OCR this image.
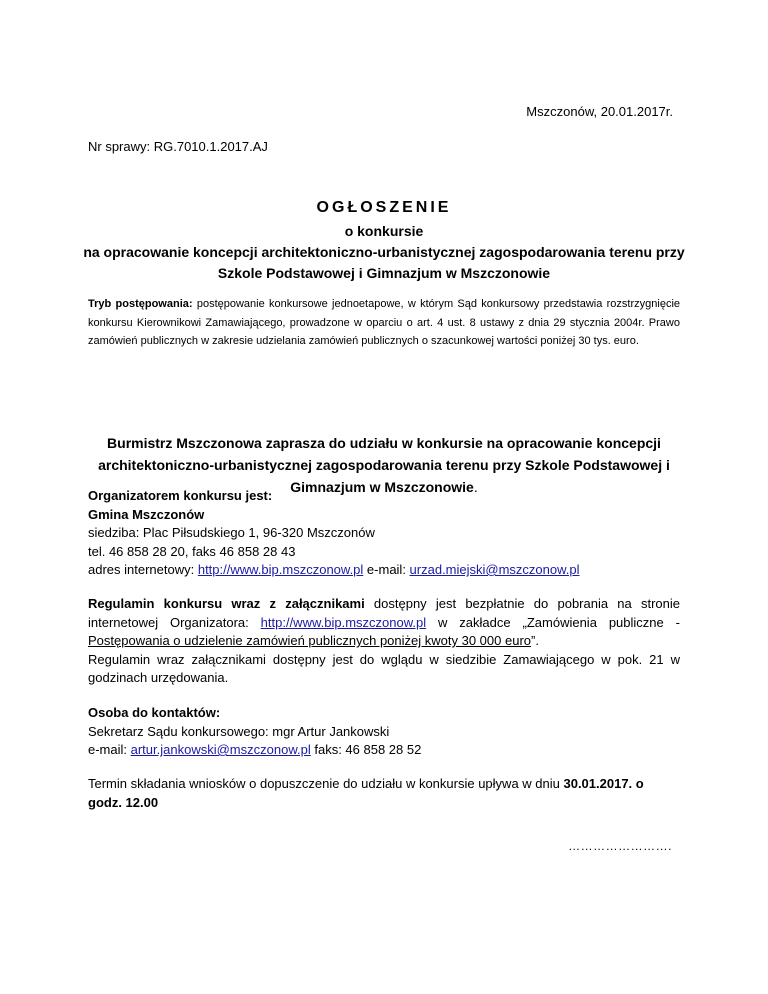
Mszczonów, 20.01.2017r.
Nr sprawy: RG.7010.1.2017.AJ
OGŁOSZENIE
o konkursie
na opracowanie koncepcji architektoniczno-urbanistycznej zagospodarowania terenu przy
Szkole Podstawowej i Gimnazjum w Mszczonowie

Tryb postępowania: postępowanie konkursowe jednoetapowe, w którym Sąd konkursowy przedstawia rozstrzygnięcie konkursu Kierownikowi Zamawiającego, prowadzone w oparciu o art. 4 ust. 8 ustawy z dnia 29 stycznia 2004r. Prawo zamówień publicznych w zakresie udzielania zamówień publicznych o szacunkowej wartości poniżej 30 tys. euro.

Burmistrz Mszczonowa zaprasza do udziału w konkursie na opracowanie koncepcji architektoniczno-urbanistycznej zagospodarowania terenu przy Szkole Podstawowej i Gimnazjum w Mszczonowie.

Organizatorem konkursu jest:
Gmina Mszczonów
siedziba: Plac Piłsudskiego 1, 96-320 Mszczonów
tel. 46 858 28 20, faks 46 858 28 43
adres internetowy: http://www.bip.mszczonow.pl e-mail: urzad.miejski@mszczonow.pl

Regulamin konkursu wraz z załącznikami dostępny jest bezpłatnie do pobrania na stronie internetowej Organizatora: http://www.bip.mszczonow.pl w zakładce „Zamówienia publiczne - Postępowania o udzielenie zamówień publicznych poniżej kwoty 30 000 euro”.

Regulamin wraz załącznikami dostępny jest do wglądu w siedzibie Zamawiającego w pok. 21 w godzinach urzędowania.

Osoba do kontaktów:
Sekretarz Sądu konkursowego: mgr Artur Jankowski
e-mail: artur.jankowski@mszczonow.pl faks: 46 858 28 52

Termin składania wniosków o dopuszczenie do udziału w konkursie upływa w dniu 30.01.2017. o godz. 12.00

…………………….
